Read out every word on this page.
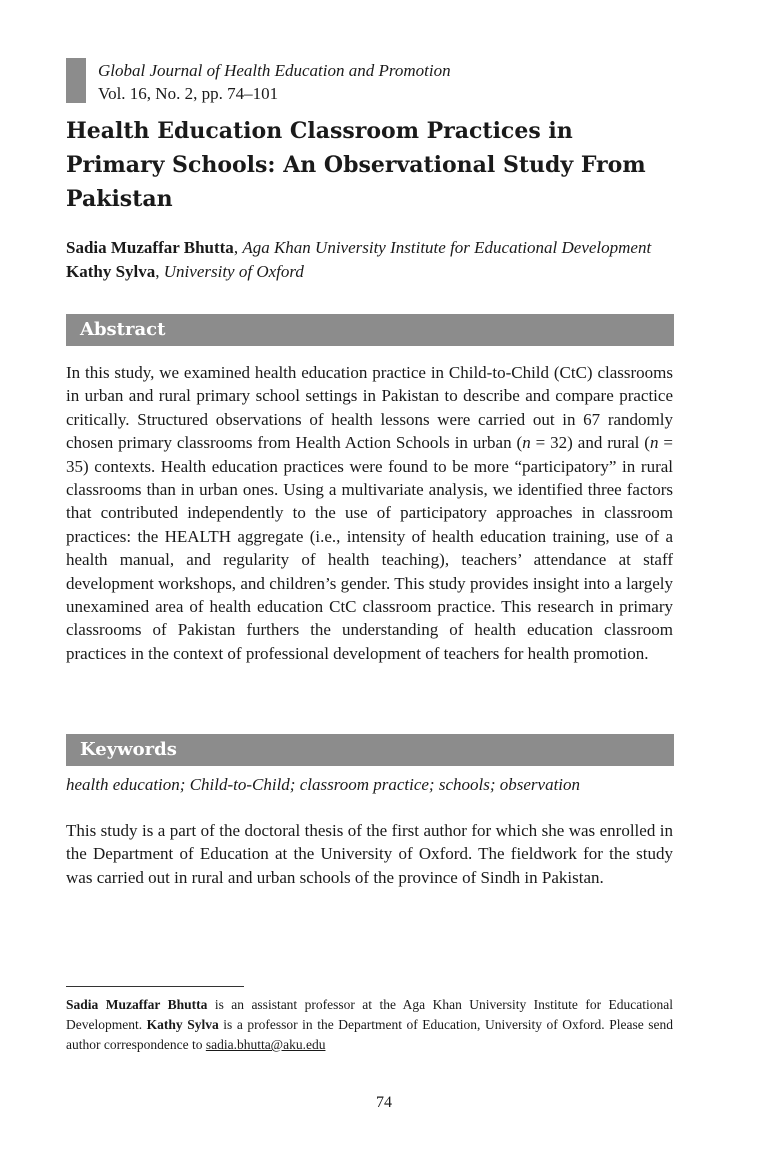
Global Journal of Health Education and Promotion

Vol. 16, No. 2, pp. 74–101

Health Education Classroom Practices in Primary Schools: An Observational Study From Pakistan
Sadia Muzaffar Bhutta, Aga Khan University Institute for Educational Development
Kathy Sylva, University of Oxford
Abstract

In this study, we examined health education practice in Child-to-Child (CtC) classrooms in urban and rural primary school settings in Pakistan to describe and compare practice critically. Structured observations of health lessons were carried out in 67 randomly chosen primary classrooms from Health Action Schools in urban (n = 32) and rural (n = 35) contexts. Health education practices were found to be more “participatory” in rural classrooms than in urban ones. Using a multivariate analysis, we identified three factors that contributed independently to the use of participatory approaches in classroom practices: the HEALTH aggregate (i.e., intensity of health education training, use of a health manual, and regularity of health teaching), teachers’ attendance at staff development workshops, and children’s gender. This study provides insight into a largely unexamined area of health education CtC classroom practice. This research in primary classrooms of Pakistan furthers the understanding of health education classroom practices in the context of professional development of teachers for health promotion.

Keywords

health education; Child-to-Child; classroom practice; schools; observation

This study is a part of the doctoral thesis of the first author for which she was enrolled in the Department of Education at the University of Oxford. The fieldwork for the study was carried out in rural and urban schools of the province of Sindh in Pakistan.

Sadia Muzaffar Bhutta is an assistant professor at the Aga Khan University Institute for Educational Development. Kathy Sylva is a professor in the Department of Education, University of Oxford. Please send author correspondence to sadia.bhutta@aku.edu

74
